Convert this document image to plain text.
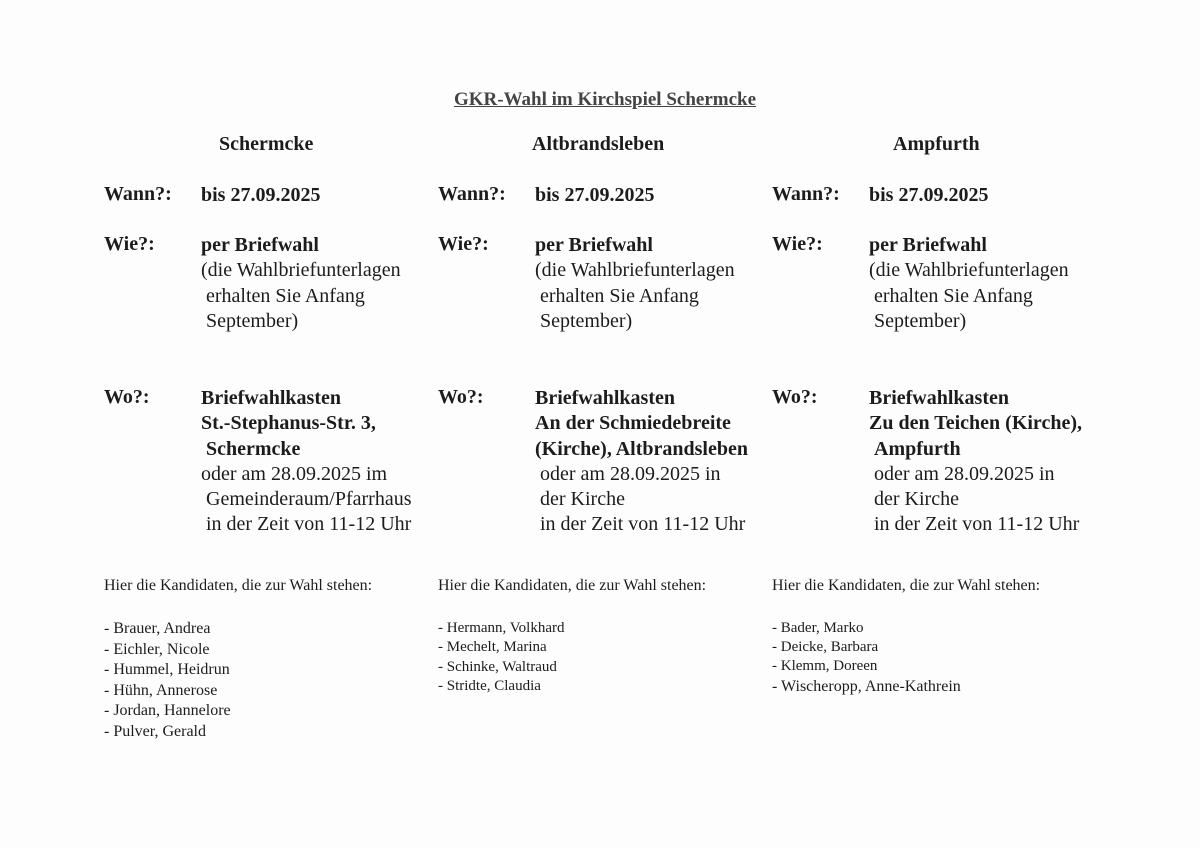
GKR-Wahl im Kirchspiel Schermcke
Schermcke
Wann?: bis 27.09.2025
Wie?: per Briefwahl
(die Wahlbriefunterlagen
erhalten Sie Anfang
September)
Wo?:	Briefwahlkasten
St.-Stephanus-Str. 3,
Schermcke
oder am 28.09.2025 im
Gemeinderaum/Pfarrhaus
in der Zeit von 11-12 Uhr
Hier die Kandidaten, die zur Wahl stehen:
- Brauer, Andrea
- Eichler, Nicole
- Hummel, Heidrun
- Hühn, Annerose
- Jordan, Hannelore
- Pulver, Gerald
Altbrandsleben
Wann?: bis 27.09.2025
Wie?: per Briefwahl
(die Wahlbriefunterlagen
erhalten Sie Anfang
September)
Wo?:	Briefwahlkasten
An der Schmiedebreite
(Kirche), Altbrandsleben
oder am 28.09.2025 in
der Kirche
in der Zeit von 11-12 Uhr
Hier die Kandidaten, die zur Wahl stehen:
- Hermann, Volkhard
- Mechelt, Marina
- Schinke, Waltraud
- Stridte, Claudia
Ampfurth
Wann?: bis 27.09.2025
Wie?: per Briefwahl
(die Wahlbriefunterlagen
erhalten Sie Anfang
September)
Wo?:	Briefwahlkasten
Zu den Teichen (Kirche),
Ampfurth
oder am 28.09.2025 in
der Kirche
in der Zeit von 11-12 Uhr
Hier die Kandidaten, die zur Wahl stehen:
- Bader, Marko
- Deicke, Barbara
- Klemm, Doreen
- Wischeropp, Anne-Kathrein
